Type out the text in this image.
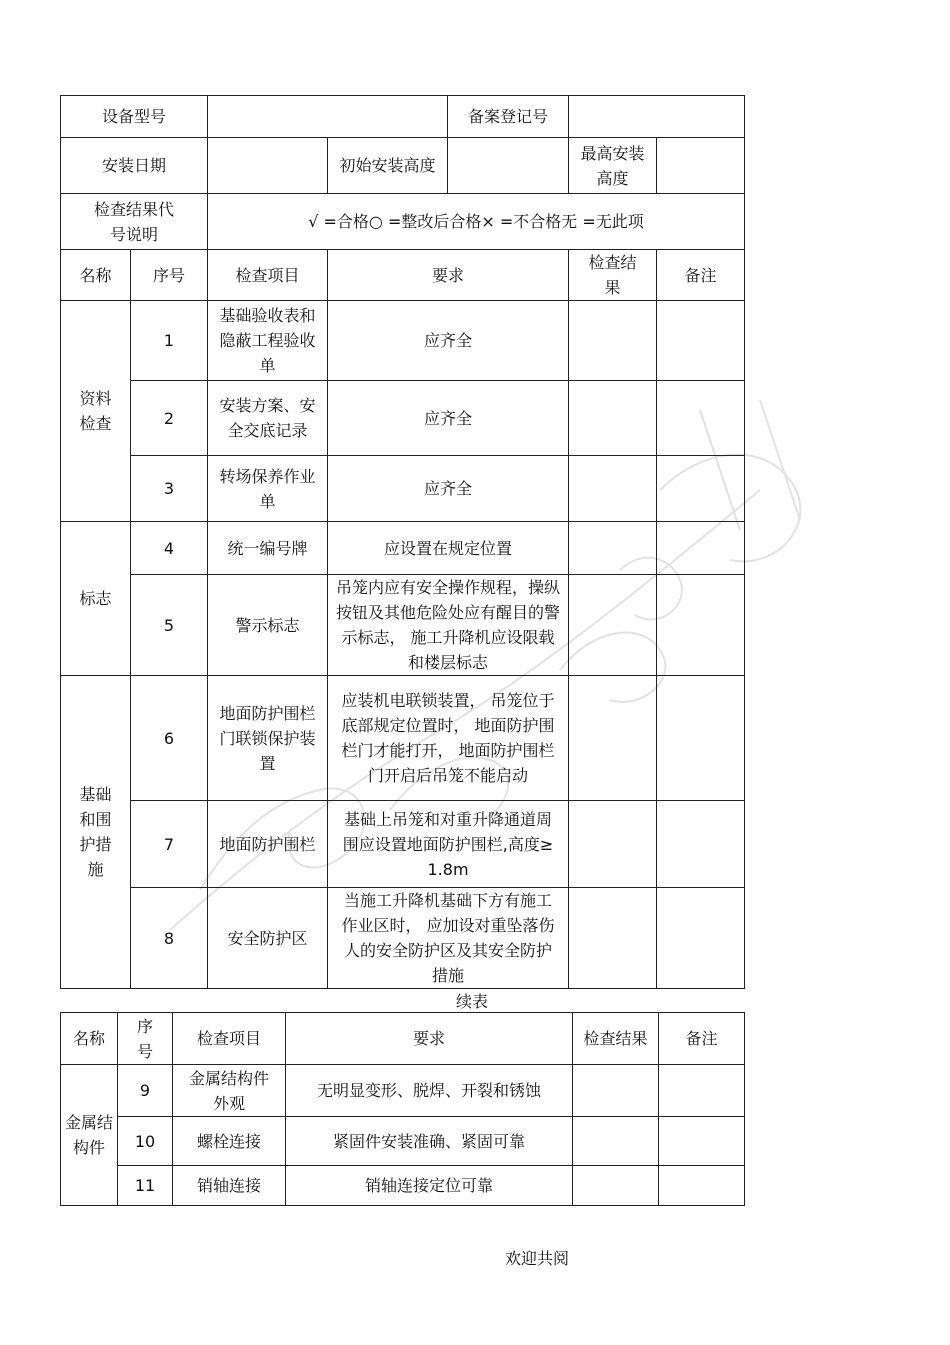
设备型号				备案登记号		
安装日期			初始安装高度		最高安装高度	
检查结果代号说明		√ =合格○ =整改后合格× =不合格无 =无此项				
名称	序号	检查项目	要求		检查结果	备注
资料检查	1	基础验收表和隐蔽工程验收单	应齐全			
	2	安装方案、安全交底记录	应齐全			
	3	转场保养作业单	应齐全			
标志	4	统一编号牌	应设置在规定位置			
	5	警示标志	吊笼内应有安全操作规程，操纵按钮及其他危险处应有醒目的警示标志， 施工升降机应设限载和楼层标志			
基础和围护措施	6	地面防护围栏门联锁保护装置	应装机电联锁装置， 吊笼位于底部规定位置时， 地面防护围栏门才能打开， 地面防护围栏门开启后吊笼不能启动			
	7	地面防护围栏	基础上吊笼和对重升降通道周围应设置地面防护围栏,高度≥ 1.8m			
	8	安全防护区	当施工升降机基础下方有施工作业区时， 应加设对重坠落伤人的安全防护区及其安全防护措施			
续表
名称	序号	检查项目	要求	检查结果	备注
金属结构件	9	金属结构件外观	无明显变形、脱焊、开裂和锈蚀		
	10	螺栓连接	紧固件安装准确、紧固可靠		
	11	销轴连接	销轴连接定位可靠		
欢迎共阅
